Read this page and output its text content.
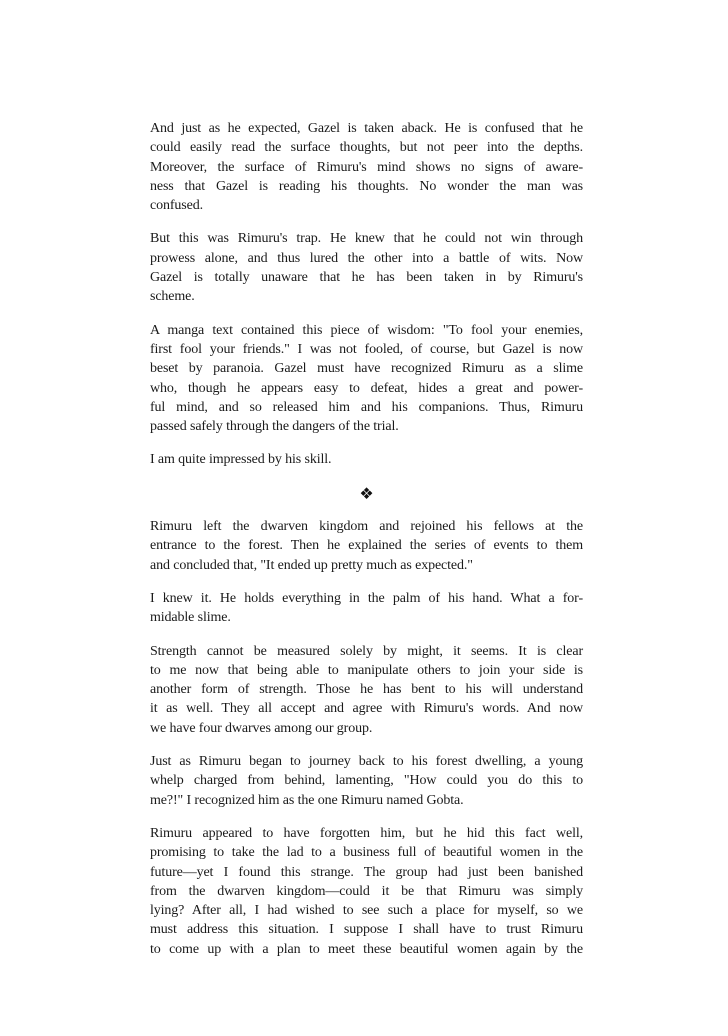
And just as he expected, Gazel is taken aback. He is confused that he
could easily read the surface thoughts, but not peer into the depths.
Moreover, the surface of Rimuru's mind shows no signs of aware-
ness that Gazel is reading his thoughts. No wonder the man was
confused.
But this was Rimuru's trap. He knew that he could not win through
prowess alone, and thus lured the other into a battle of wits. Now
Gazel is totally unaware that he has been taken in by Rimuru's
scheme.
A manga text contained this piece of wisdom: "To fool your enemies,
first fool your friends." I was not fooled, of course, but Gazel is now
beset by paranoia. Gazel must have recognized Rimuru as a slime
who, though he appears easy to defeat, hides a great and power-
ful mind, and so released him and his companions. Thus, Rimuru
passed safely through the dangers of the trial.
I am quite impressed by his skill.
❖
Rimuru left the dwarven kingdom and rejoined his fellows at the
entrance to the forest. Then he explained the series of events to them
and concluded that, "It ended up pretty much as expected."
I knew it. He holds everything in the palm of his hand. What a for-
midable slime.
Strength cannot be measured solely by might, it seems. It is clear
to me now that being able to manipulate others to join your side is
another form of strength. Those he has bent to his will understand
it as well. They all accept and agree with Rimuru's words. And now
we have four dwarves among our group.
Just as Rimuru began to journey back to his forest dwelling, a young
whelp charged from behind, lamenting, "How could you do this to
me?!" I recognized him as the one Rimuru named Gobta.
Rimuru appeared to have forgotten him, but he hid this fact well,
promising to take the lad to a business full of beautiful women in the
future—yet I found this strange. The group had just been banished
from the dwarven kingdom—could it be that Rimuru was simply
lying? After all, I had wished to see such a place for myself, so we
must address this situation. I suppose I shall have to trust Rimuru
to come up with a plan to meet these beautiful women again by the
